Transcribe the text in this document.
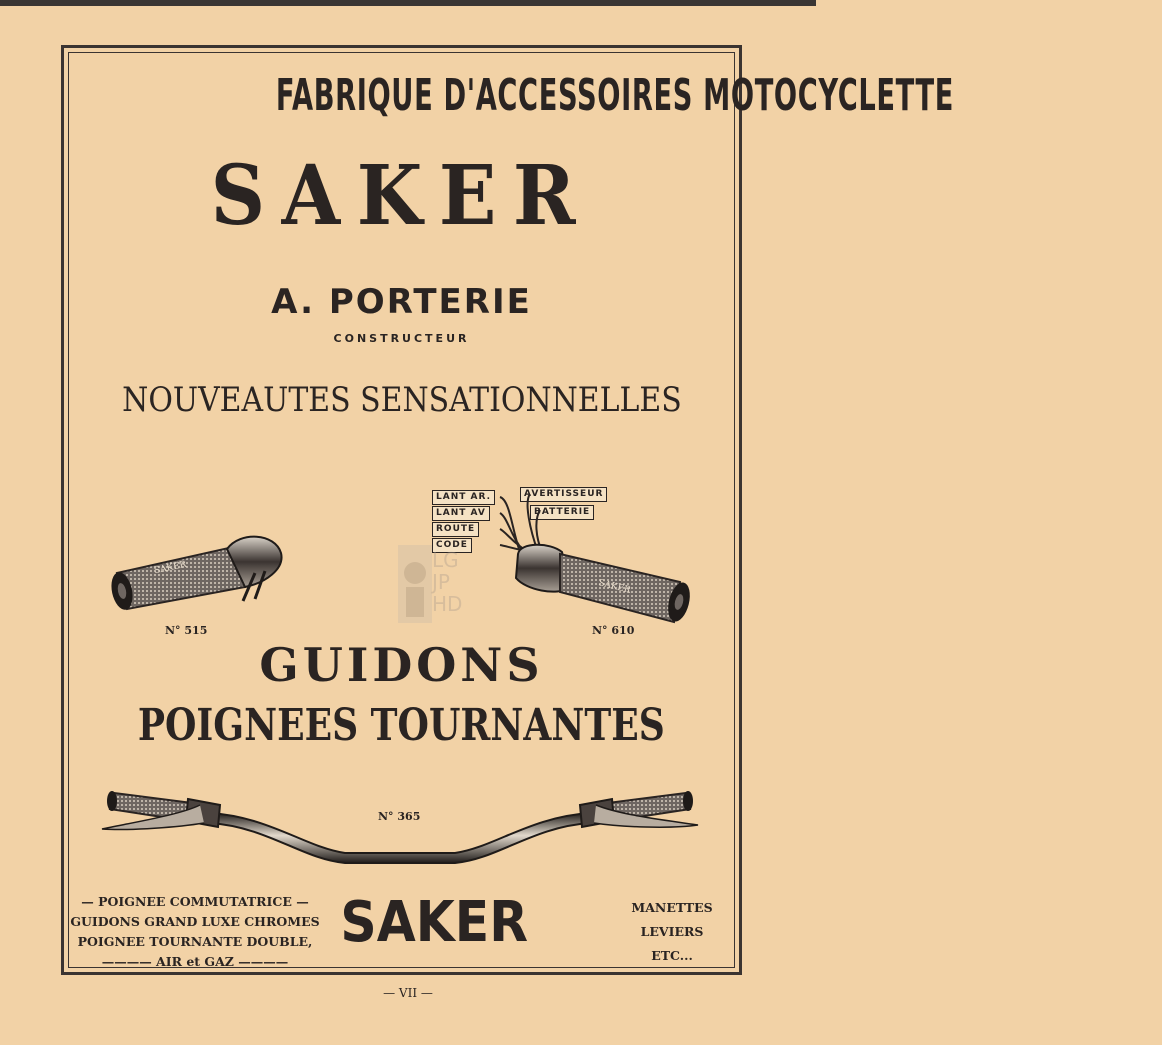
FABRIQUE D'ACCESSOIRES MOTOCYCLETTE
SAKER
A. PORTERIE
CONSTRUCTEUR
NOUVEAUTES SENSATIONNELLES
SAKER
N° 515
LANT AR.
LANT AV
ROUTE
CODE
AVERTISSEUR
BATTERIE
SAKER
N° 610
LG JP HD
GUIDONS
POIGNEES TOURNANTES
N° 365
— POIGNEE COMMUTATRICE —
GUIDONS GRAND LUXE CHROMES
POIGNEE TOURNANTE DOUBLE,
———— AIR et GAZ ————
SAKER	MANETTES
LEVIERS
ETC...
— VII —
